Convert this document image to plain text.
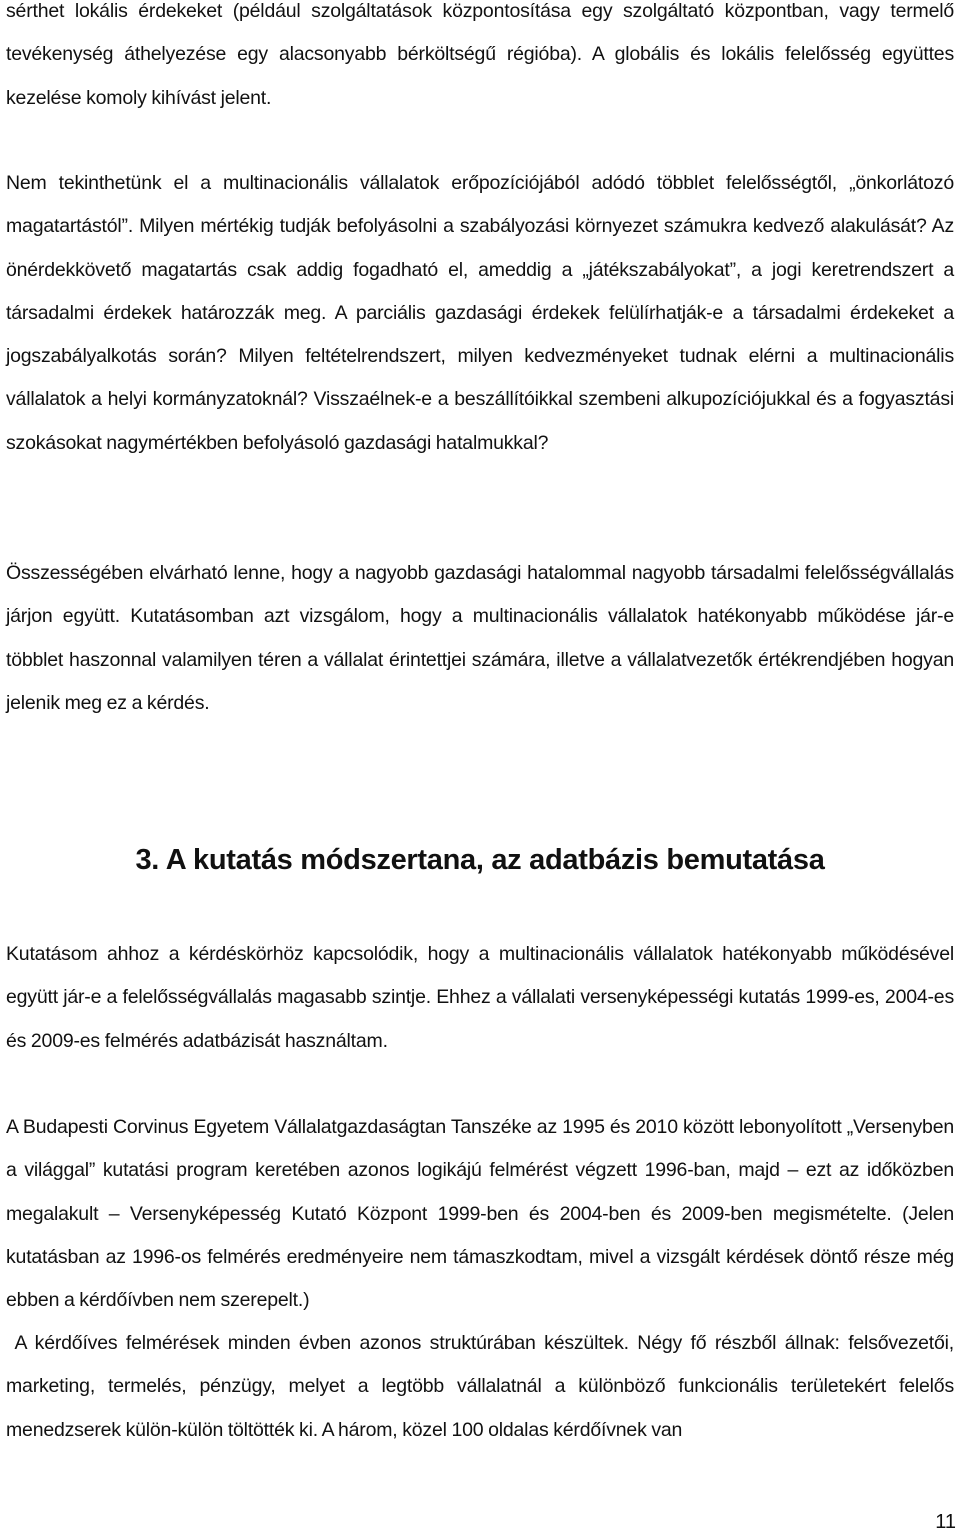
sérthet lokális érdekeket (például szolgáltatások központosítása egy szolgáltató központban, vagy termelő tevékenység áthelyezése egy alacsonyabb bérköltségű régióba). A globális és lokális felelősség együttes kezelése komoly kihívást jelent.

Nem tekinthetünk el a multinacionális vállalatok erőpozíciójából adódó többlet felelősségtől, „önkorlátozó magatartástól”. Milyen mértékig tudják befolyásolni a szabályozási környezet számukra kedvező alakulását? Az önérdekkövető magatartás csak addig fogadható el, ameddig a „játékszabályokat”, a jogi keretrendszert a társadalmi érdekek határozzák meg. A parciális gazdasági érdekek felülírhatják-e a társadalmi érdekeket a jogszabályalkotás során? Milyen feltételrendszert, milyen kedvezményeket tudnak elérni a multinacionális vállalatok a helyi kormányzatoknál? Visszaélnek-e a beszállítóikkal szembeni alkupozíciójukkal és a fogyasztási szokásokat nagymértékben befolyásoló gazdasági hatalmukkal?

Összességében elvárható lenne, hogy a nagyobb gazdasági hatalommal nagyobb társadalmi felelősségvállalás járjon együtt. Kutatásomban azt vizsgálom, hogy a multinacionális vállalatok hatékonyabb működése jár-e többlet haszonnal valamilyen téren a vállalat érintettjei számára, illetve a vállalatvezetők értékrendjében hogyan jelenik meg ez a kérdés.

3. A kutatás módszertana, az adatbázis bemutatása

Kutatásom ahhoz a kérdéskörhöz kapcsolódik, hogy a multinacionális vállalatok hatékonyabb működésével együtt jár-e a felelősségvállalás magasabb szintje. Ehhez a vállalati versenyképességi kutatás 1999-es, 2004-es és 2009-es felmérés adatbázisát használtam.

A Budapesti Corvinus Egyetem Vállalatgazdaságtan Tanszéke az 1995 és 2010 között lebonyolított „Versenyben a világgal” kutatási program keretében azonos logikájú felmérést végzett 1996-ban, majd – ezt az időközben megalakult – Versenyképesség Kutató Központ 1999-ben és 2004-ben és 2009-ben megismételte. (Jelen kutatásban az 1996-os felmérés eredményeire nem támaszkodtam, mivel a vizsgált kérdések döntő része még ebben a kérdőívben nem szerepelt.)

A kérdőíves felmérések minden évben azonos struktúrában készültek. Négy fő részből állnak: felsővezetői, marketing, termelés, pénzügy, melyet a legtöbb vállalatnál a különböző funkcionális területekért felelős menedzserek külön-külön töltötték ki. A három, közel 100 oldalas kérdőívnek van

11
